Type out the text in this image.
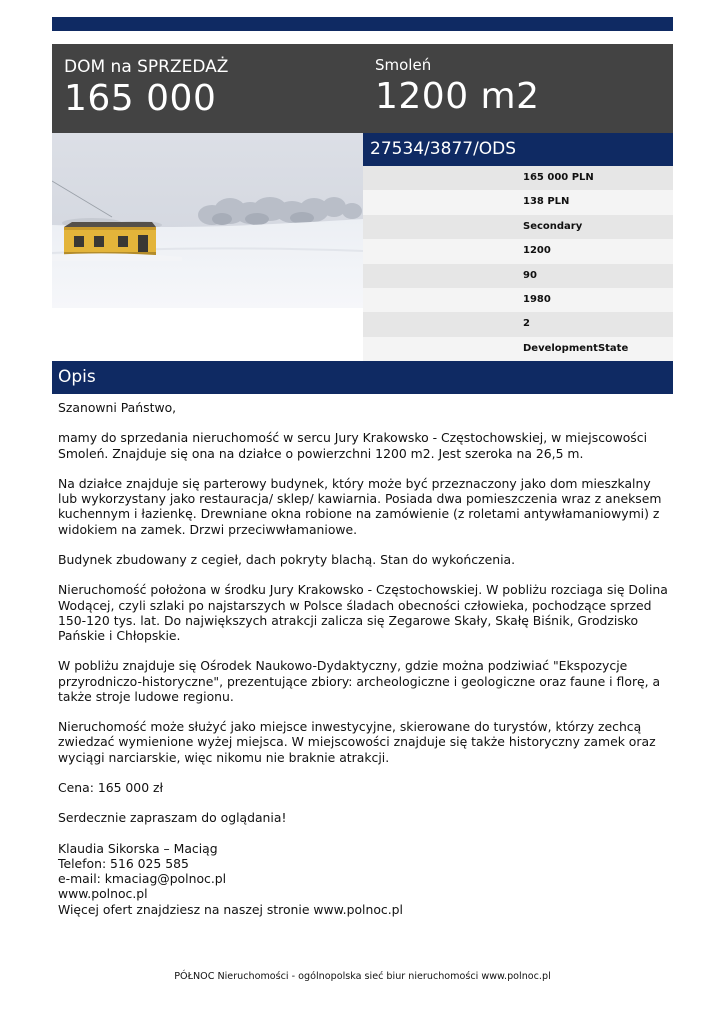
DOM na SPRZEDAŻ
165 000
Smoleń
1200 m2
27534/3877/ODS
165 000 PLN
138 PLN
Secondary
1200
90
1980
2
DevelopmentState
Opis

Szanowni Państwo,

mamy do sprzedania nieruchomość w sercu Jury Krakowsko - Częstochowskiej, w miejscowości Smoleń. Znajduje się ona na działce o powierzchni 1200 m2. Jest szeroka na 26,5 m.

Na działce znajduje się parterowy budynek, który może być przeznaczony jako dom mieszkalny lub wykorzystany jako restauracja/ sklep/ kawiarnia. Posiada dwa pomieszczenia wraz z aneksem kuchennym i łazienkę. Drewniane okna robione na zamówienie (z roletami antywłamaniowymi) z widokiem na zamek. Drzwi przeciwwłamaniowe.

Budynek zbudowany z cegieł, dach pokryty blachą. Stan do wykończenia.

Nieruchomość położona w środku Jury Krakowsko - Częstochowskiej. W pobliżu rozciaga się Dolina Wodącej, czyli szlaki po najstarszych w Polsce śladach obecności człowieka, pochodzące sprzed 150-120 tys. lat. Do największych atrakcji zalicza się Zegarowe Skały, Skałę Biśnik, Grodzisko Pańskie i Chłopskie.

W pobliżu znajduje się Ośrodek Naukowo-Dydaktyczny, gdzie można podziwiać "Ekspozycje przyrodniczo-historyczne", prezentujące zbiory: archeologiczne i geologiczne oraz faune i florę, a także stroje ludowe regionu.

Nieruchomość może służyć jako miejsce inwestycyjne, skierowane do turystów, którzy zechcą zwiedzać wymienione wyżej miejsca. W miejscowości znajduje się także historyczny zamek oraz wyciągi narciarskie, więc nikomu nie braknie atrakcji.

Cena: 165 000 zł

Serdecznie zapraszam do oglądania!

Klaudia Sikorska – Maciąg
Telefon: 516 025 585
e-mail: kmaciag@polnoc.pl
www.polnoc.pl
Więcej ofert znajdziesz na naszej stronie www.polnoc.pl
PÓŁNOC Nieruchomości - ogólnopolska sieć biur nieruchomości www.polnoc.pl
